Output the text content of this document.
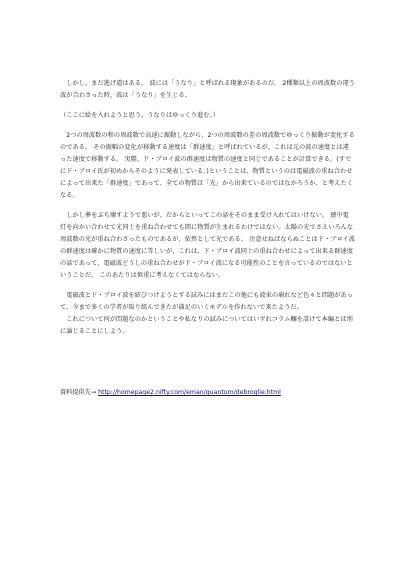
　しかし、まだ逃げ道はある。 波には「うなり」と呼ばれる現象があるのだ。 2種類以上の周波数の違う波が合わさった時、波は「うなり」を生じる。

（ここに絵を入れようと思う。うなりはゆっくり進む。）

　2つの周波数の和の周波数で高速に振動しながら、2つの周波数の差の周波数でゆっくり振動が変化するのである。 その振幅の変化が移動する速度は「群速度」と呼ばれているが、これは元の波の速度とは違った速度で移動する。 実際、ド・ブロイ波の群速度は物質の速度と同じであることが計算できる。(すでにド・ブロイ氏が初めからそのように発表している。)ということは、物質というのは電磁波の重ね合わせによって出来た「群速度」であって、全ての物質は「光」から出来ているのではなかろうか、と考えたくなる。

　しかし夢をぶち壊すようで悪いが、だからといってこの話をそのまま受け入れてはいけない。 徳中電灯を向かい合わせて光同士を重ね合わせても間に物質が生まれるわけではない。太陽の光でさえいろんな周波数の光が重ね合わさったものであるが、依然として光である。 注意せねばならぬことはド・ブロイ波の群速度は確かに物質の速度に等しいが、これは、ド・ブロイ波同士の重ね合わせによって出来る群速度の話であって、電磁波どうしの重ね合わせがド・ブロイ波になる可能性のことを言っているのではないということだ。 このあたりは慎重に考えなくてはならない。

　電磁波とド・ブロイ波を結びつけようとする試みにはまだこの他にも波束の崩れなど色々と問題があって、今まで多くの学者が取り組んできたが満足のいくモデルを作れないで来たようだ。

　これについて何が問題なのかということや私なりの試みについてはいずれコラム欄を設けて本編とは別に論じることにしよう。

資料提供先→ http://homepage2.nifty.com/eman/quantum/debroglie.html
